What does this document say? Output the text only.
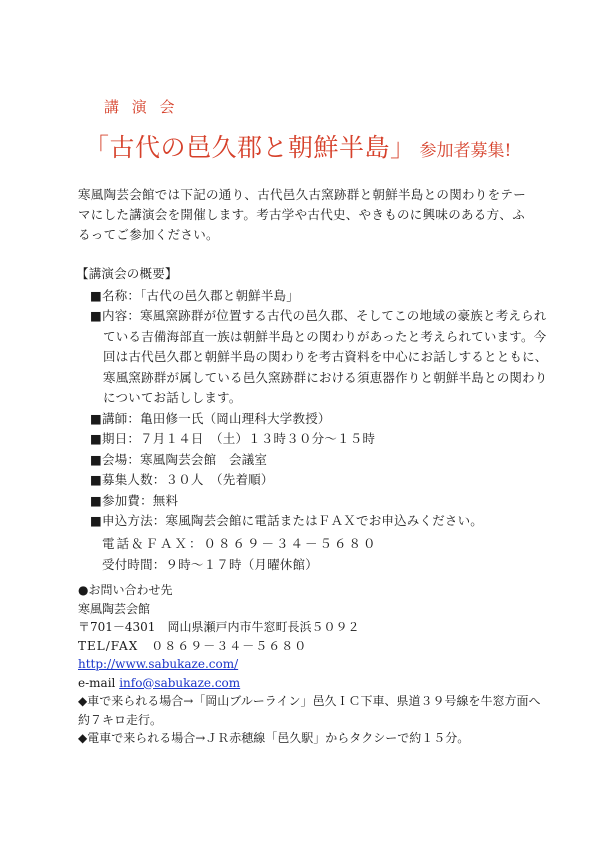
講 演 会
「古代の邑久郡と朝鮮半島」 参加者募集!

寒風陶芸会館では下記の通り、古代邑久古窯跡群と朝鮮半島との関わりをテー

マにした講演会を開催します。考古学や古代史、やきものに興味のある方、ふ

るってご参加ください。

【講演会の概要】
■名称：「古代の邑久郡と朝鮮半島」
■内容：寒風窯跡群が位置する古代の邑久郡、そしてこの地域の豪族と考えられている吉備海部直一族は朝鮮半島との関わりがあったと考えられています。今回は古代邑久郡と朝鮮半島の関わりを考古資料を中心にお話しするとともに、寒風窯跡群が属している邑久窯跡群における須恵器作りと朝鮮半島との関わりについてお話しします。
■講師：亀田修一氏（岡山理科大学教授）
■期日：７月１４日　（土）１３時３０分～１５時
■会場：寒風陶芸会館　会議室
■募集人数：３０人　（先着順）
■参加費：無料
■申込方法：寒風陶芸会館に電話またはＦＡＸでお申込みください。
電話＆ＦＡＸ：０８６９－３４－５６８０
受付時間：９時～１７時（月曜休館）
●お問い合わせ先
寒風陶芸会館
〒701－4301　岡山県瀬戸内市牛窓町長浜５０９２
TEL/FAX　０８６９－３４－５６８０
http://www.sabukaze.com/
e-mail info@sabukaze.com
◆車で来られる場合→「岡山ブルーライン」邑久ＩＣ下車、県道３９号線を牛窓方面へ約７キロ走行。
◆電車で来られる場合→ＪＲ赤穂線「邑久駅」からタクシーで約１５分。
